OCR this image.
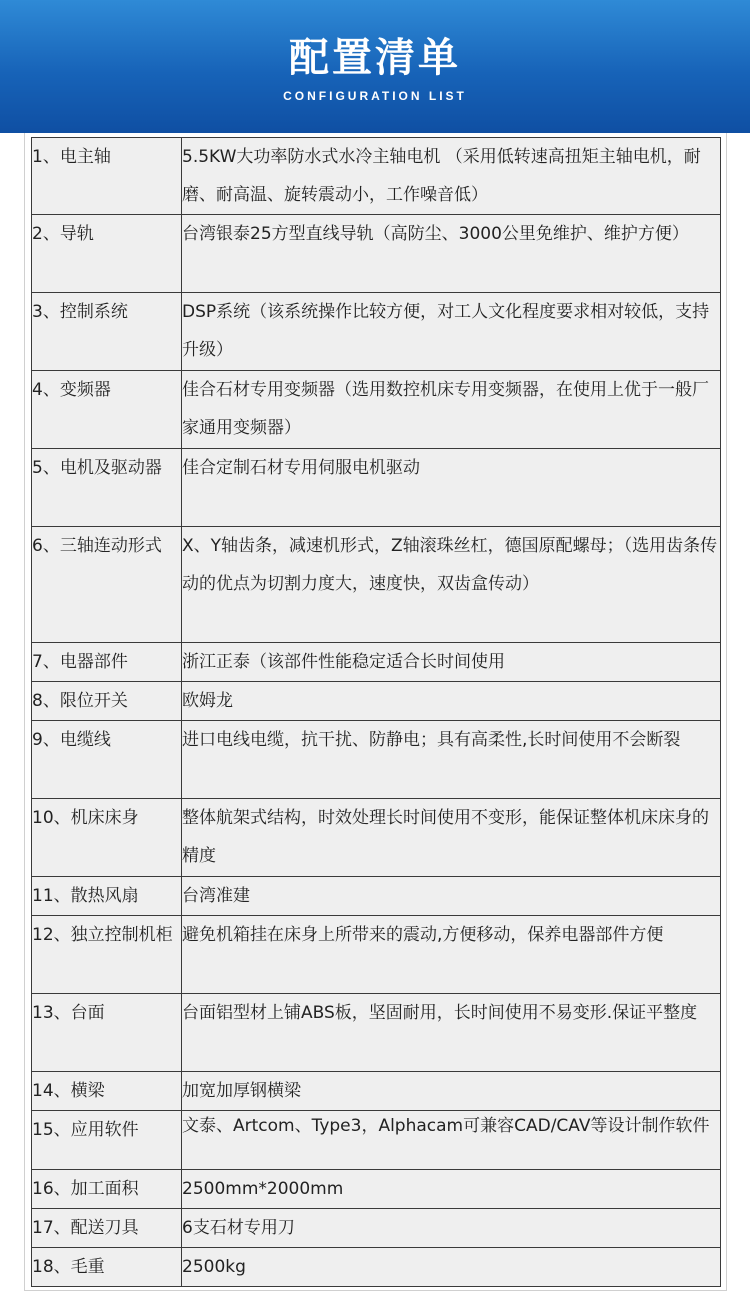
配置清单
CONFIGURATION LIST
1、电主轴	5.5KW大功率防水式水冷主轴电机 （采用低转速高扭矩主轴电机，耐磨、耐高温、旋转震动小，工作噪音低）
2、导轨	台湾银泰25方型直线导轨（高防尘、3000公里免维护、维护方便）
3、控制系统	DSP系统（该系统操作比较方便，对工人文化程度要求相对较低，支持升级）
4、变频器	佳合石材专用变频器（选用数控机床专用变频器，在使用上优于一般厂家通用变频器）
5、电机及驱动器	佳合定制石材专用伺服电机驱动
6、三轴连动形式	X、Y轴齿条，减速机形式，Z轴滚珠丝杠，德国原配螺母；（选用齿条传动的优点为切割力度大，速度快，双齿盒传动）
7、电器部件	浙江正泰（该部件性能稳定适合长时间使用
8、限位开关	欧姆龙
9、电缆线	进口电线电缆，抗干扰、防静电；具有高柔性,长时间使用不会断裂
10、机床床身	整体航架式结构，时效处理长时间使用不变形，能保证整体机床床身的精度
11、散热风扇	台湾准建
12、独立控制机柜	避免机箱挂在床身上所带来的震动,方便移动，保养电器部件方便
13、台面	台面铝型材上铺ABS板，坚固耐用，长时间使用不易变形.保证平整度
14、横梁	加宽加厚钢横梁
15、应用软件	文泰、Artcom、Type3，Alphacam可兼容CAD/CAV等设计制作软件
16、加工面积	2500mm*2000mm
17、配送刀具	6支石材专用刀
18、毛重	2500kg
